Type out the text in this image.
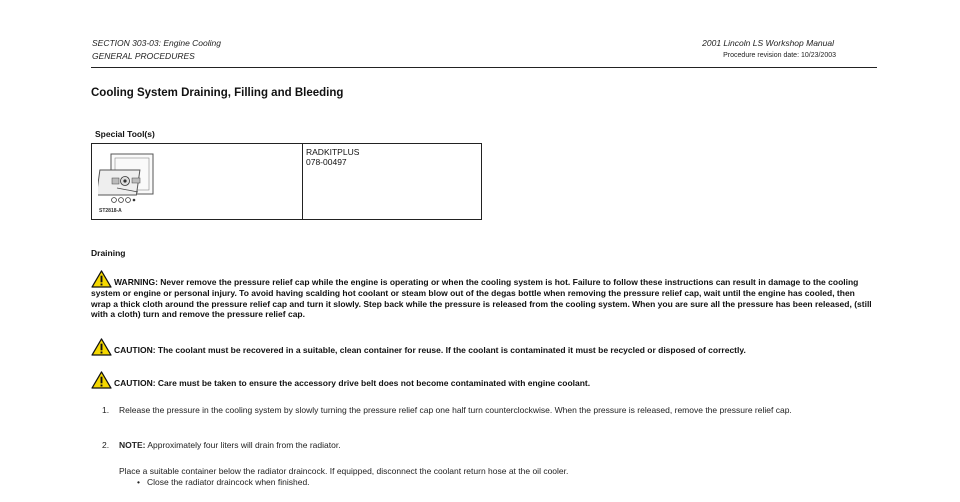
SECTION 303-03: Engine Cooling
GENERAL PROCEDURES
2001 Lincoln LS Workshop Manual
Procedure revision date: 10/23/2003
Cooling System Draining, Filling and Bleeding
Special Tool(s)
ST2818-A
RADKITPLUS
078-00497
Draining
WARNING: Never remove the pressure relief cap while the engine is operating or when the cooling system is hot. Failure to follow these instructions can result in damage to the cooling system or engine or personal injury. To avoid having scalding hot coolant or steam blow out of the degas bottle when removing the pressure relief cap, wait until the engine has cooled, then wrap a thick cloth around the pressure relief cap and turn it slowly. Step back while the pressure is released from the cooling system. When you are sure all the pressure has been released, (still with a cloth) turn and remove the pressure relief cap.
CAUTION: The coolant must be recovered in a suitable, clean container for reuse. If the coolant is contaminated it must be recycled or disposed of correctly.
CAUTION: Care must be taken to ensure the accessory drive belt does not become contaminated with engine coolant.
1. Release the pressure in the cooling system by slowly turning the pressure relief cap one half turn counterclockwise. When the pressure is released, remove the pressure relief cap.
2. NOTE: Approximately four liters will drain from the radiator.
Place a suitable container below the radiator draincock. If equipped, disconnect the coolant return hose at the oil cooler.
• Close the radiator draincock when finished.
